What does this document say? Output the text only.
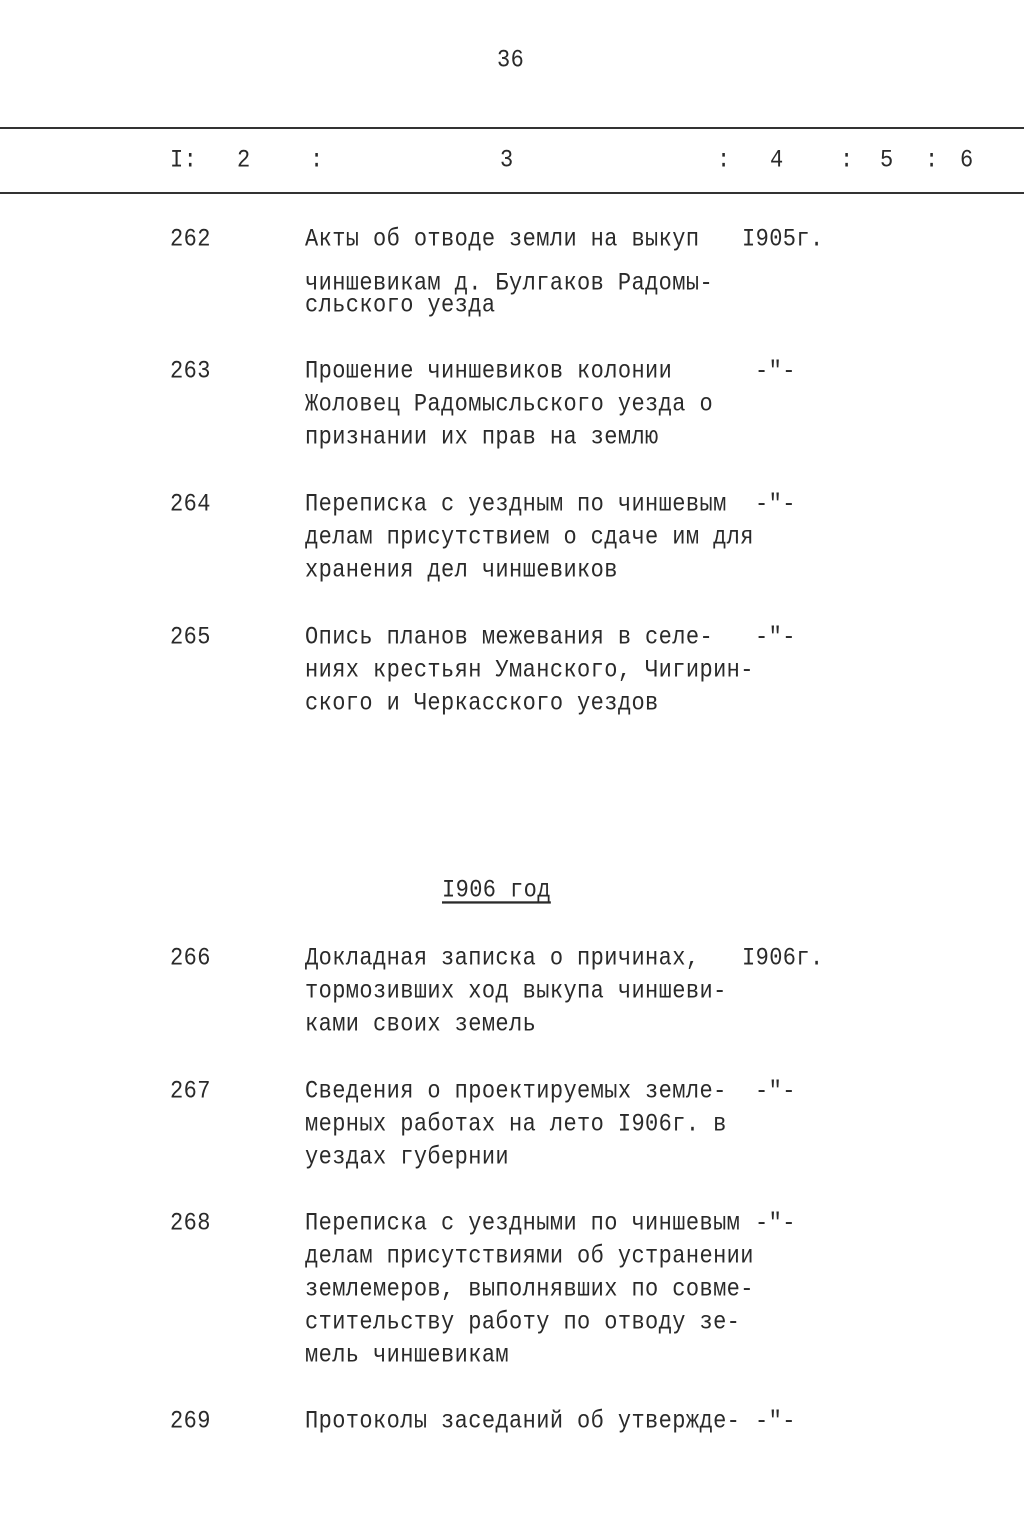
36
I: 2	:	3	: 4	: 5 : 6
262	Акты об отводе земли на выкуп
чиншевикам д. Булгаков Радомы-
сльского уезда
I905г.
263	Прошение чиншевиков колонии
Жоловец Радомысльского уезда о
признании их прав на землю
-"-
264	Переписка с уездным по чиншевым
делам присутствием о сдаче им для
хранения дел чиншевиков
-"-
265	Опись планов межевания в селе-
ниях крестьян Уманского, Чигирин-
ского и Черкасского уездов
-"-
266	Докладная записка о причинах,
тормозивших ход выкупа чиншеви-
ками своих земель
I906г.
267	Сведения о проектируемых земле-
мерных работах на лето I906г. в
уездах губернии
-"-
268	Переписка с уездными по чиншевым
делам присутствиями об устранении
землемеров, выполнявших по совме-
стительству работу по отводу зе-
мель чиншевикам
-"-
269	Протоколы заседаний об утвержде- -"-
I906 год
